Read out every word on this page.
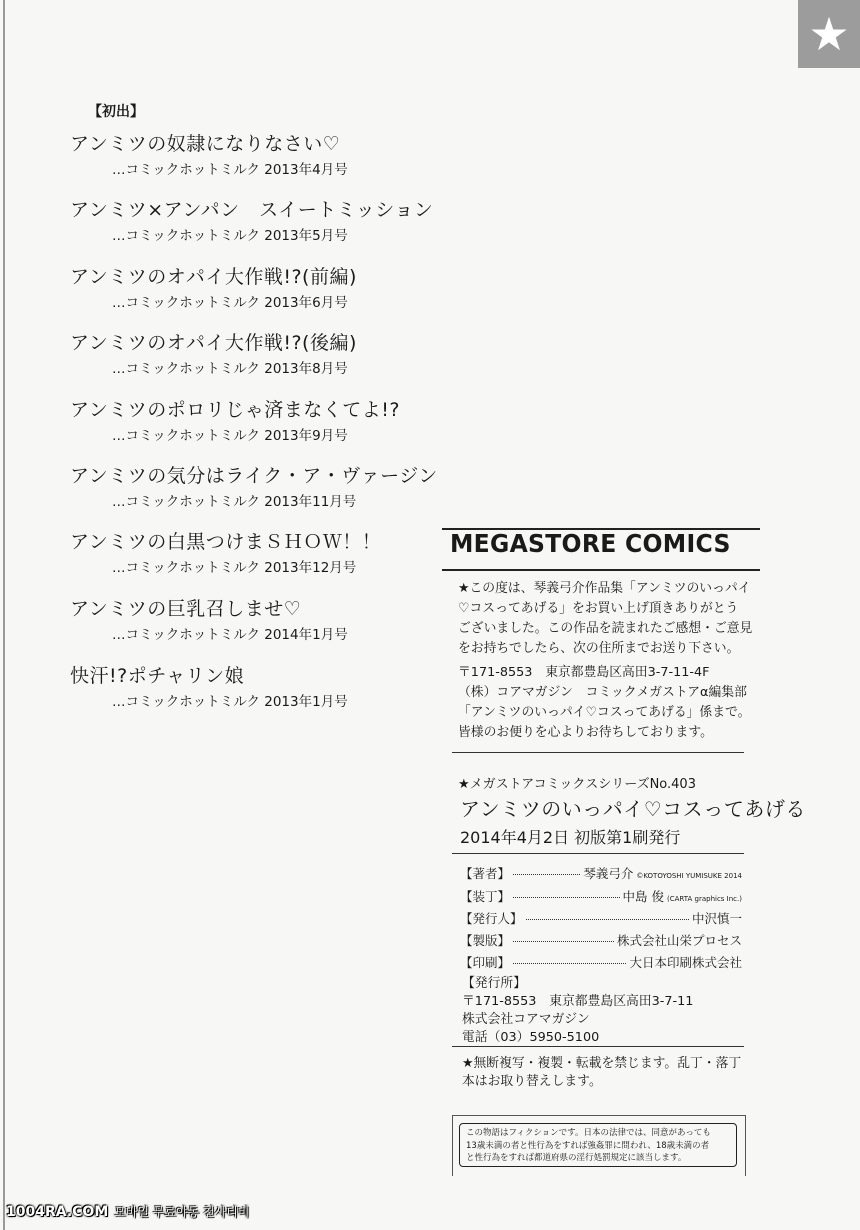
★
【初出】
アンミツの奴隷になりなさい♡
…コミックホットミルク 2013年4月号
アンミツ×アンパン　スイートミッション
…コミックホットミルク 2013年5月号
アンミツのオパイ大作戦!?(前編)
…コミックホットミルク 2013年6月号
アンミツのオパイ大作戦!?(後編)
…コミックホットミルク 2013年8月号
アンミツのポロリじゃ済まなくてよ!?
…コミックホットミルク 2013年9月号
アンミツの気分はライク・ア・ヴァージン
…コミックホットミルク 2013年11月号
アンミツの白黒つけまＳＨＯＷ！！
…コミックホットミルク 2013年12月号
アンミツの巨乳召しませ♡
…コミックホットミルク 2014年1月号
快汗!?ポチャリン娘
…コミックホットミルク 2013年1月号
MEGASTORE COMICS
★この度は、琴義弓介作品集「アンミツのいっパイ
♡コスってあげる」をお買い上げ頂きありがとう
ございました。この作品を読まれたご感想・ご意見
をお持ちでしたら、次の住所までお送り下さい。
〒171-8553　東京都豊島区高田3-7-11-4F
（株）コアマガジン　コミックメガストアα編集部
「アンミツのいっパイ♡コスってあげる」係まで。
皆様のお便りを心よりお待ちしております。
★メガストアコミックスシリーズNo.403
アンミツのいっパイ♡コスってあげる
2014年4月2日 初版第1刷発行
【著者】	琴義弓介 ©KOTOYOSHI YUMISUKE 2014
【装丁】	中島 俊 (CARTA graphics Inc.)
【発行人】	中沢慎一
【製版】	株式会社山栄プロセス
【印刷】	大日本印刷株式会社
【発行所】
〒171-8553　東京都豊島区高田3-7-11
株式会社コアマガジン
電話（03）5950-5100
★無断複写・複製・転載を禁じます。乱丁・落丁
本はお取り替えします。
この物語はフィクションです。日本の法律では、同意があっても
13歳未満の者と性行為をすれば強姦罪に問われ、18歳未満の者
と性行為をすれば都道府県の淫行処罰規定に該当します。
1004RA.COM 모바일 무료야동 천사티비
